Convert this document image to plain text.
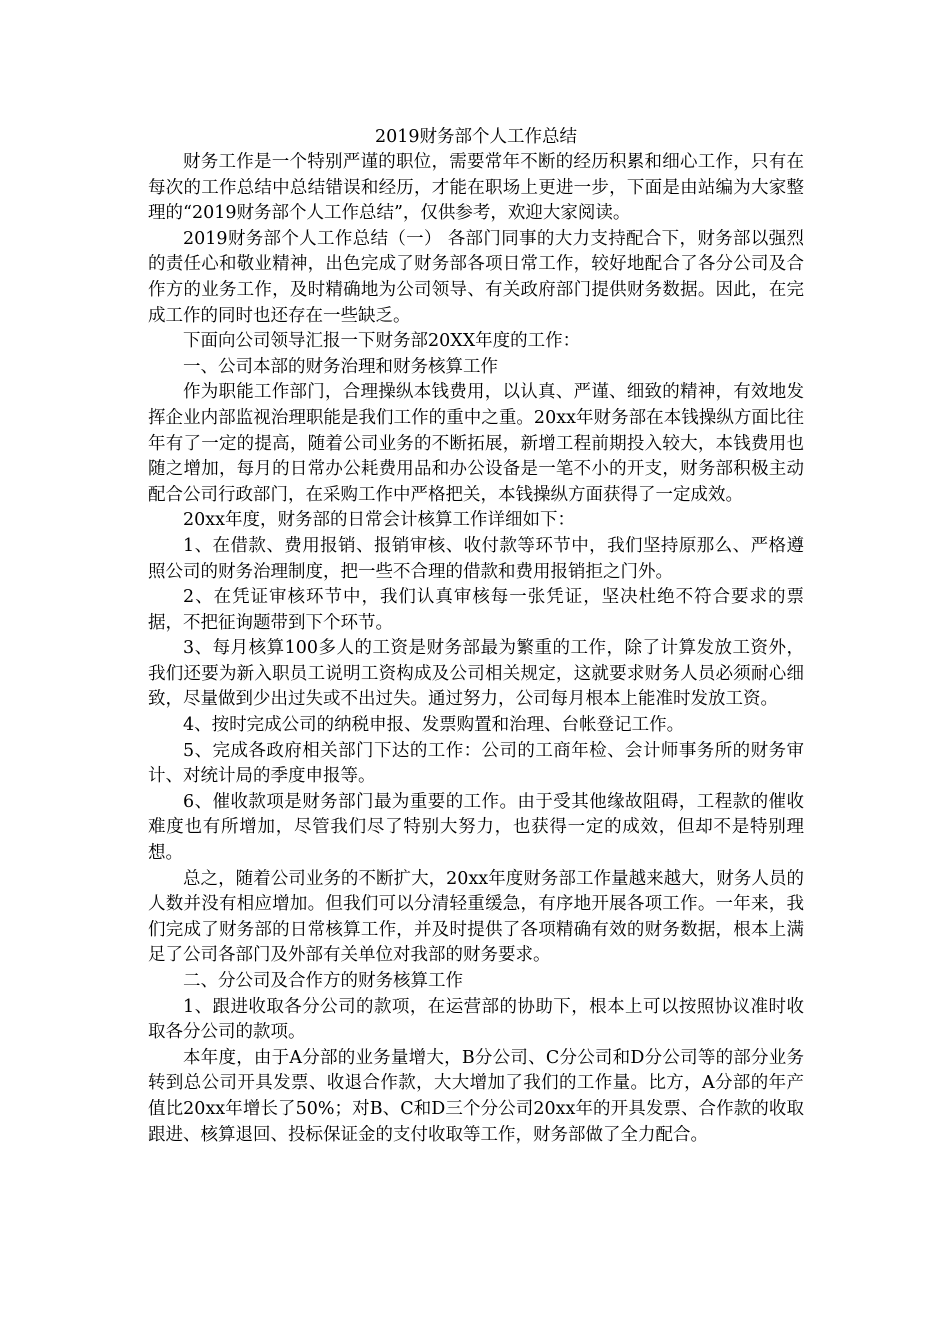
2019财务部个人工作总结

财务工作是一个特别严谨的职位，需要常年不断的经历积累和细心工作，只有在每次的工作总结中总结错误和经历，才能在职场上更进一步，下面是由站编为大家整理的“2019财务部个人工作总结”，仅供参考，欢迎大家阅读。

2019财务部个人工作总结（一） 各部门同事的大力支持配合下，财务部以强烈的责任心和敬业精神，出色完成了财务部各项日常工作，较好地配合了各分公司及合作方的业务工作，及时精确地为公司领导、有关政府部门提供财务数据。因此，在完成工作的同时也还存在一些缺乏。

下面向公司领导汇报一下财务部20XX年度的工作：

一、公司本部的财务治理和财务核算工作

作为职能工作部门，合理操纵本钱费用，以认真、严谨、细致的精神，有效地发挥企业内部监视治理职能是我们工作的重中之重。20xx年财务部在本钱操纵方面比往年有了一定的提高，随着公司业务的不断拓展，新增工程前期投入较大，本钱费用也随之增加，每月的日常办公耗费用品和办公设备是一笔不小的开支，财务部积极主动配合公司行政部门，在采购工作中严格把关，本钱操纵方面获得了一定成效。

20xx年度，财务部的日常会计核算工作详细如下：

1、在借款、费用报销、报销审核、收付款等环节中，我们坚持原那么、严格遵照公司的财务治理制度，把一些不合理的借款和费用报销拒之门外。

2、在凭证审核环节中，我们认真审核每一张凭证，坚决杜绝不符合要求的票据，不把征询题带到下个环节。

3、每月核算100多人的工资是财务部最为繁重的工作，除了计算发放工资外，我们还要为新入职员工说明工资构成及公司相关规定，这就要求财务人员必须耐心细致，尽量做到少出过失或不出过失。通过努力，公司每月根本上能准时发放工资。

4、按时完成公司的纳税申报、发票购置和治理、台帐登记工作。

5、完成各政府相关部门下达的工作：公司的工商年检、会计师事务所的财务审计、对统计局的季度申报等。

6、催收款项是财务部门最为重要的工作。由于受其他缘故阻碍，工程款的催收难度也有所增加，尽管我们尽了特别大努力，也获得一定的成效，但却不是特别理想。

总之，随着公司业务的不断扩大，20xx年度财务部工作量越来越大，财务人员的人数并没有相应增加。但我们可以分清轻重缓急，有序地开展各项工作。一年来，我们完成了财务部的日常核算工作，并及时提供了各项精确有效的财务数据，根本上满足了公司各部门及外部有关单位对我部的财务要求。

二、分公司及合作方的财务核算工作

1、跟进收取各分公司的款项，在运营部的协助下，根本上可以按照协议准时收取各分公司的款项。

本年度，由于A分部的业务量增大，B分公司、C分公司和D分公司等的部分业务转到总公司开具发票、收退合作款，大大增加了我们的工作量。比方，A分部的年产值比20xx年增长了50%；对B、C和D三个分公司20xx年的开具发票、合作款的收取跟进、核算退回、投标保证金的支付收取等工作，财务部做了全力配合。
